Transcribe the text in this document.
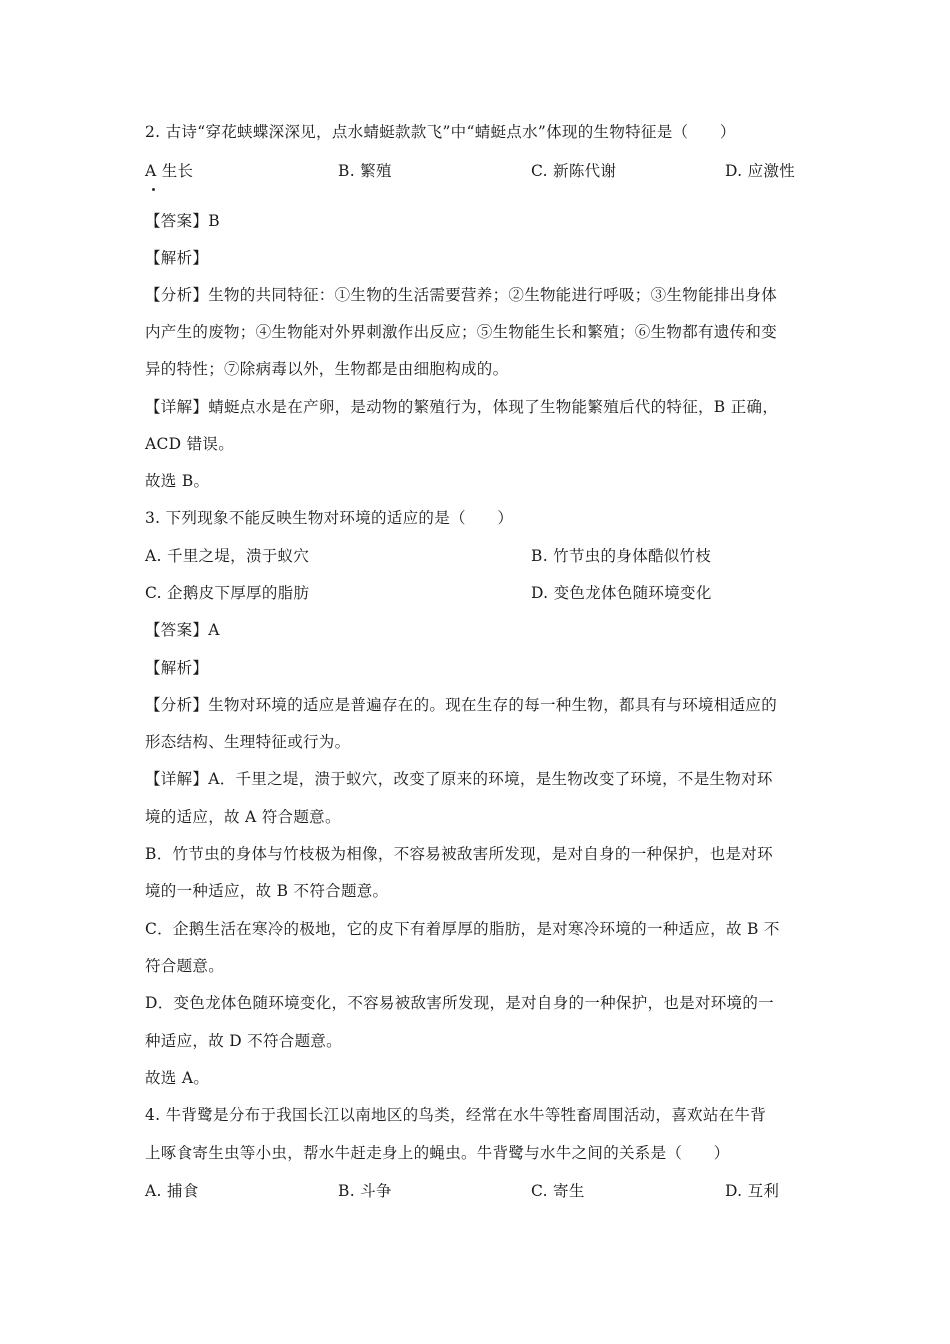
2. 古诗“穿花蛱蝶深深见，点水蜻蜓款款飞”中“蜻蜓点水”体现的生物特征是（　　）
A 生长	B. 繁殖	C. 新陈代谢	D. 应激性
【答案】B
【解析】
【分析】生物的共同特征：①生物的生活需要营养；②生物能进行呼吸；③生物能排出身体
内产生的废物；④生物能对外界刺激作出反应；⑤生物能生长和繁殖；⑥生物都有遗传和变
异的特性；⑦除病毒以外，生物都是由细胞构成的。
【详解】蜻蜓点水是在产卵，是动物的繁殖行为，体现了生物能繁殖后代的特征，B 正确，
ACD 错误。
故选 B。
3. 下列现象不能反映生物对环境的适应的是（　　）
A. 千里之堤，溃于蚁穴	B. 竹节虫的身体酷似竹枝
C. 企鹅皮下厚厚的脂肪	D. 变色龙体色随环境变化
【答案】A
【解析】
【分析】生物对环境的适应是普遍存在的。现在生存的每一种生物，都具有与环境相适应的
形态结构、生理特征或行为。
【详解】A．千里之堤，溃于蚁穴，改变了原来的环境，是生物改变了环境，不是生物对环
境的适应，故 A 符合题意。
B．竹节虫的身体与竹枝极为相像，不容易被敌害所发现，是对自身的一种保护，也是对环
境的一种适应，故 B 不符合题意。
C．企鹅生活在寒冷的极地，它的皮下有着厚厚的脂肪，是对寒冷环境的一种适应，故 B 不
符合题意。
D．变色龙体色随环境变化，不容易被敌害所发现，是对自身的一种保护，也是对环境的一
种适应，故 D 不符合题意。
故选 A。
4. 牛背鹭是分布于我国长江以南地区的鸟类，经常在水牛等牲畜周围活动，喜欢站在牛背
上啄食寄生虫等小虫，帮水牛赶走身上的蝇虫。牛背鹭与水牛之间的关系是（　　）
A. 捕食	B. 斗争	C. 寄生	D. 互利
